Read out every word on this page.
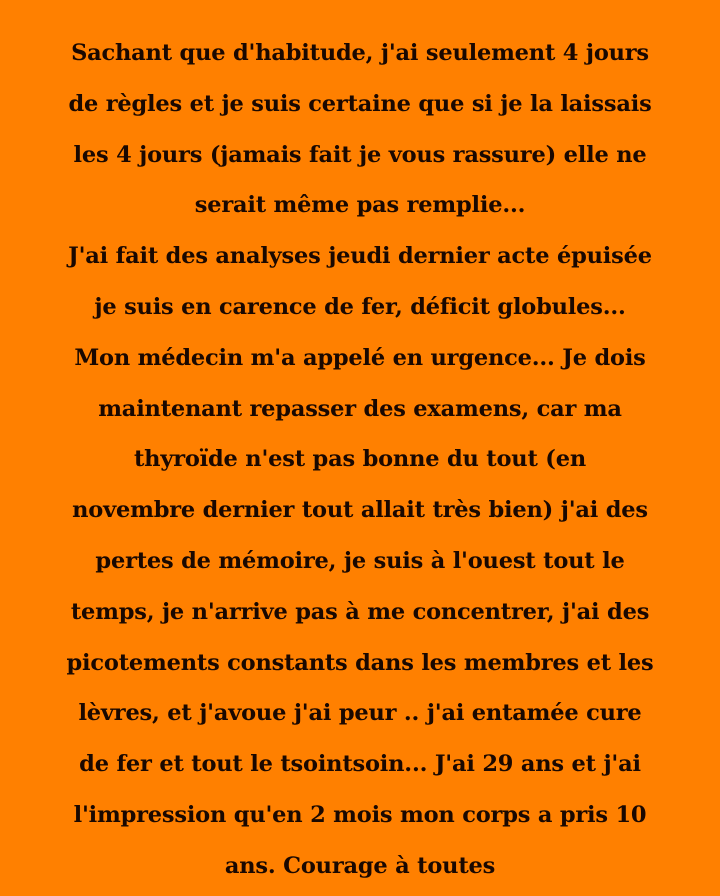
Sachant que d'habitude, j'ai seulement 4 jours
de règles et je suis certaine que si je la laissais
les 4 jours (jamais fait je vous rassure) elle ne
serait même pas remplie...
J'ai fait des analyses jeudi dernier acte épuisée
je suis en carence de fer, déficit globules...
Mon médecin m'a appelé en urgence... Je dois
maintenant repasser des examens, car ma
thyroïde n'est pas bonne du tout (en
novembre dernier tout allait très bien) j'ai des
pertes de mémoire, je suis à l'ouest tout le
temps, je n'arrive pas à me concentrer, j'ai des
picotements constants dans les membres et les
lèvres, et j'avoue j'ai peur .. j'ai entamée cure
de fer et tout le tsointsoin... J'ai 29 ans et j'ai
l'impression qu'en 2 mois mon corps a pris 10
ans. Courage à toutes
